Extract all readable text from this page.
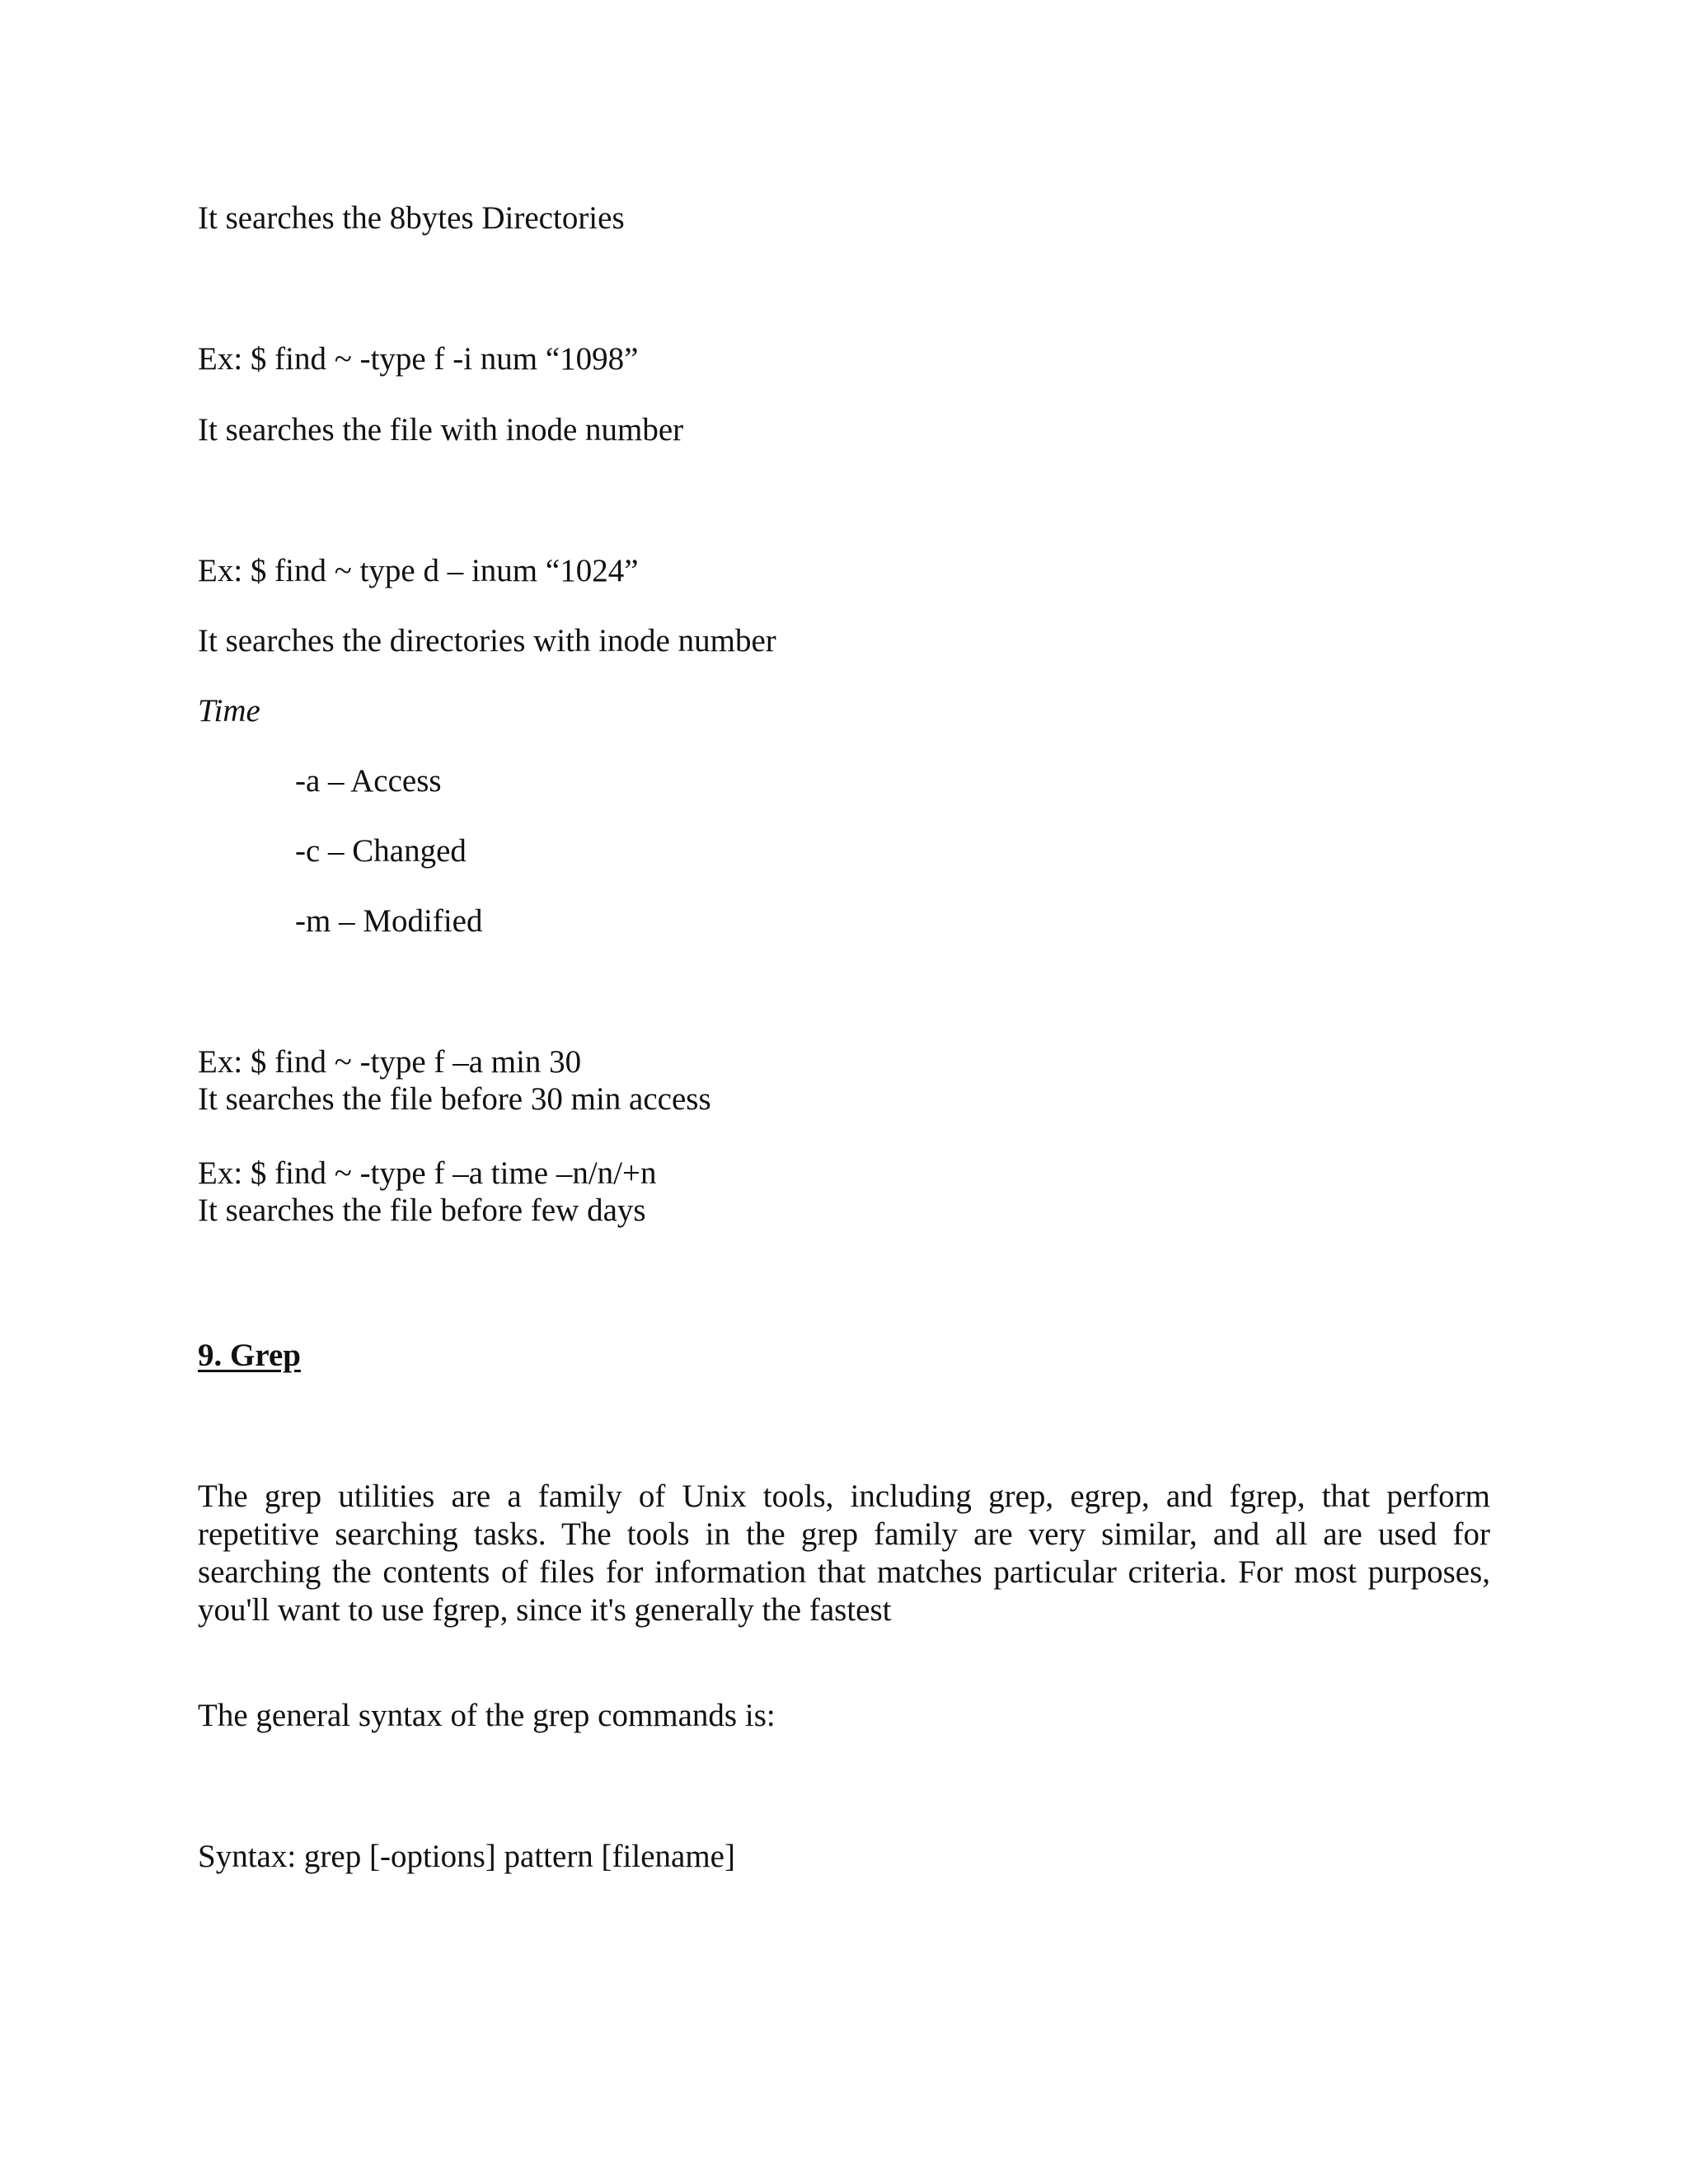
It searches the 8bytes Directories

Ex: $ find ~ -type f -i num “1098”

It searches the file with inode number

Ex: $ find ~ type d – inum “1024”

It searches the directories with inode number

Time

-a – Access

-c – Changed

-m – Modified

Ex: $ find ~ -type f –a min 30

It searches the file before 30 min access

Ex: $ find ~ -type f –a time –n/n/+n

It searches the file before few days

9. Grep

The grep utilities are a family of Unix tools, including grep, egrep, and fgrep, that perform repetitive searching tasks. The tools in the grep family are very similar, and all are used for searching the contents of files for information that matches particular criteria. For most purposes, you'll want to use fgrep, since it's generally the fastest

The general syntax of the grep commands is:

Syntax: grep [-options] pattern [filename]
